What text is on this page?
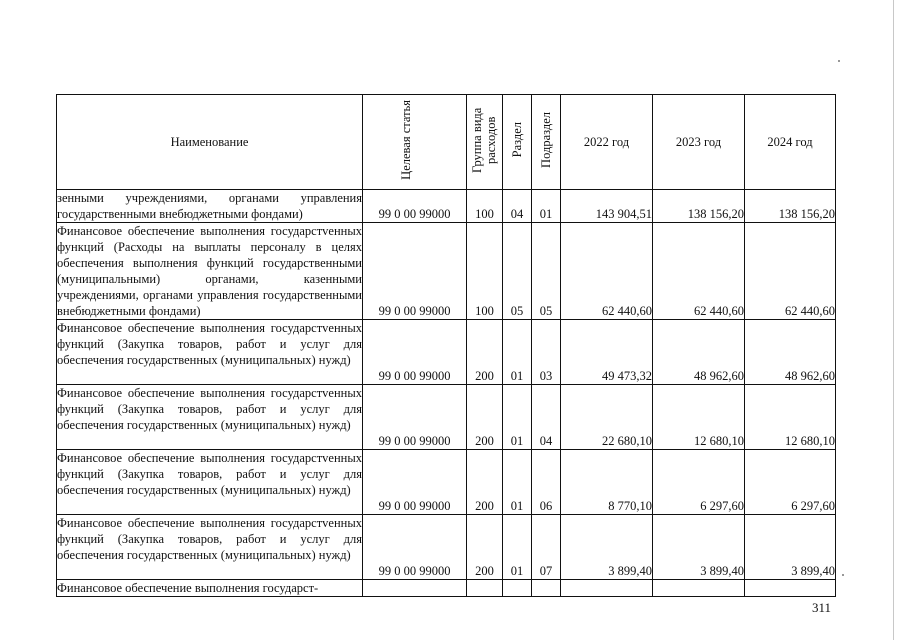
Наименование	Целевая статья	Группа вида расходов	Раздел	Подраздел	2022 год	2023 год	2024 год
зенными учреждениями, органами управления государственными внебюджетными фондами)	99 0 00 99000	100	04	01	143 904,51	138 156,20	138 156,20
Финансовое обеспечение выполнения государстvенных функций (Расходы на выплаты персоналу в целях обеспечения выполнения функций государственными (муниципальными) органами, казенными учреждениями, органами управления государственными внебюджетными фондами)	99 0 00 99000	100	05	05	62 440,60	62 440,60	62 440,60
Финансовое обеспечение выполнения государстvенных функций (Закупка товаров, работ и услуг для обеспечения государственных (муниципальных) нужд)	99 0 00 99000	200	01	03	49 473,32	48 962,60	48 962,60
Финансовое обеспечение выполнения государстvенных функций (Закупка товаров, работ и услуг для обеспечения государственных (муниципальных) нужд)	99 0 00 99000	200	01	04	22 680,10	12 680,10	12 680,10
Финансовое обеспечение выполнения государстvенных функций (Закупка товаров, работ и услуг для обеспечения государственных (муниципальных) нужд)	99 0 00 99000	200	01	06	8 770,10	6 297,60	6 297,60
Финансовое обеспечение выполнения государстvенных функций (Закупка товаров, работ и услуг для обеспечения государственных (муниципальных) нужд)	99 0 00 99000	200	01	07	3 899,40	3 899,40	3 899,40
Финансовое обеспечение выполнения государст-							
311
